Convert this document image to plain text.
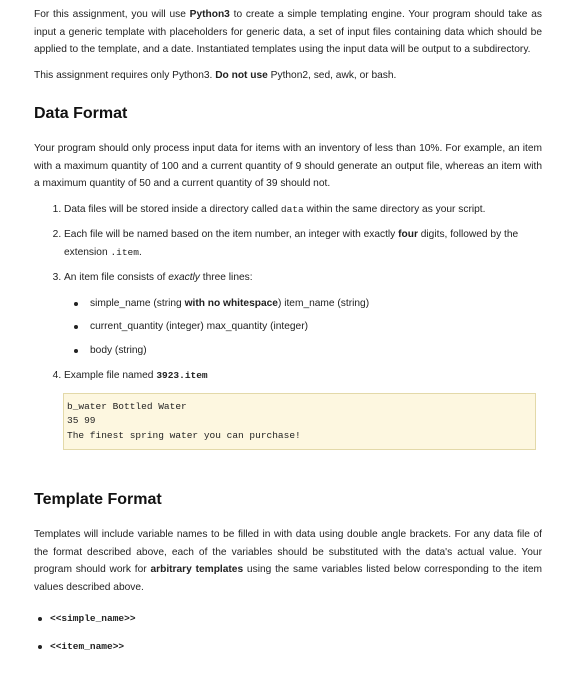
For this assignment, you will use Python3 to create a simple templating engine. Your program should take as input a generic template with placeholders for generic data, a set of input files containing data which should be applied to the template, and a date. Instantiated templates using the input data will be output to a subdirectory.

This assignment requires only Python3. Do not use Python2, sed, awk, or bash.

Data Format

Your program should only process input data for items with an inventory of less than 10%. For example, an item with a maximum quantity of 100 and a current quantity of 9 should generate an output file, whereas an item with a maximum quantity of 50 and a current quantity of 39 should not.

1. Data files will be stored inside a directory called data within the same directory as your script.
2. Each file will be named based on the item number, an integer with exactly four digits, followed by the extension .item.
3. An item file consists of exactly three lines:
simple_name (string with no whitespace) item_name (string)
current_quantity (integer) max_quantity (integer)
body (string)
4. Example file named 3923.item
b_water Bottled Water
35 99
The finest spring water you can purchase!
Template Format

Templates will include variable names to be filled in with data using double angle brackets. For any data file of the format described above, each of the variables should be substituted with the data's actual value. Your program should work for arbitrary templates using the same variables listed below corresponding to the item values described above.

<<simple_name>>
<<item_name>>
